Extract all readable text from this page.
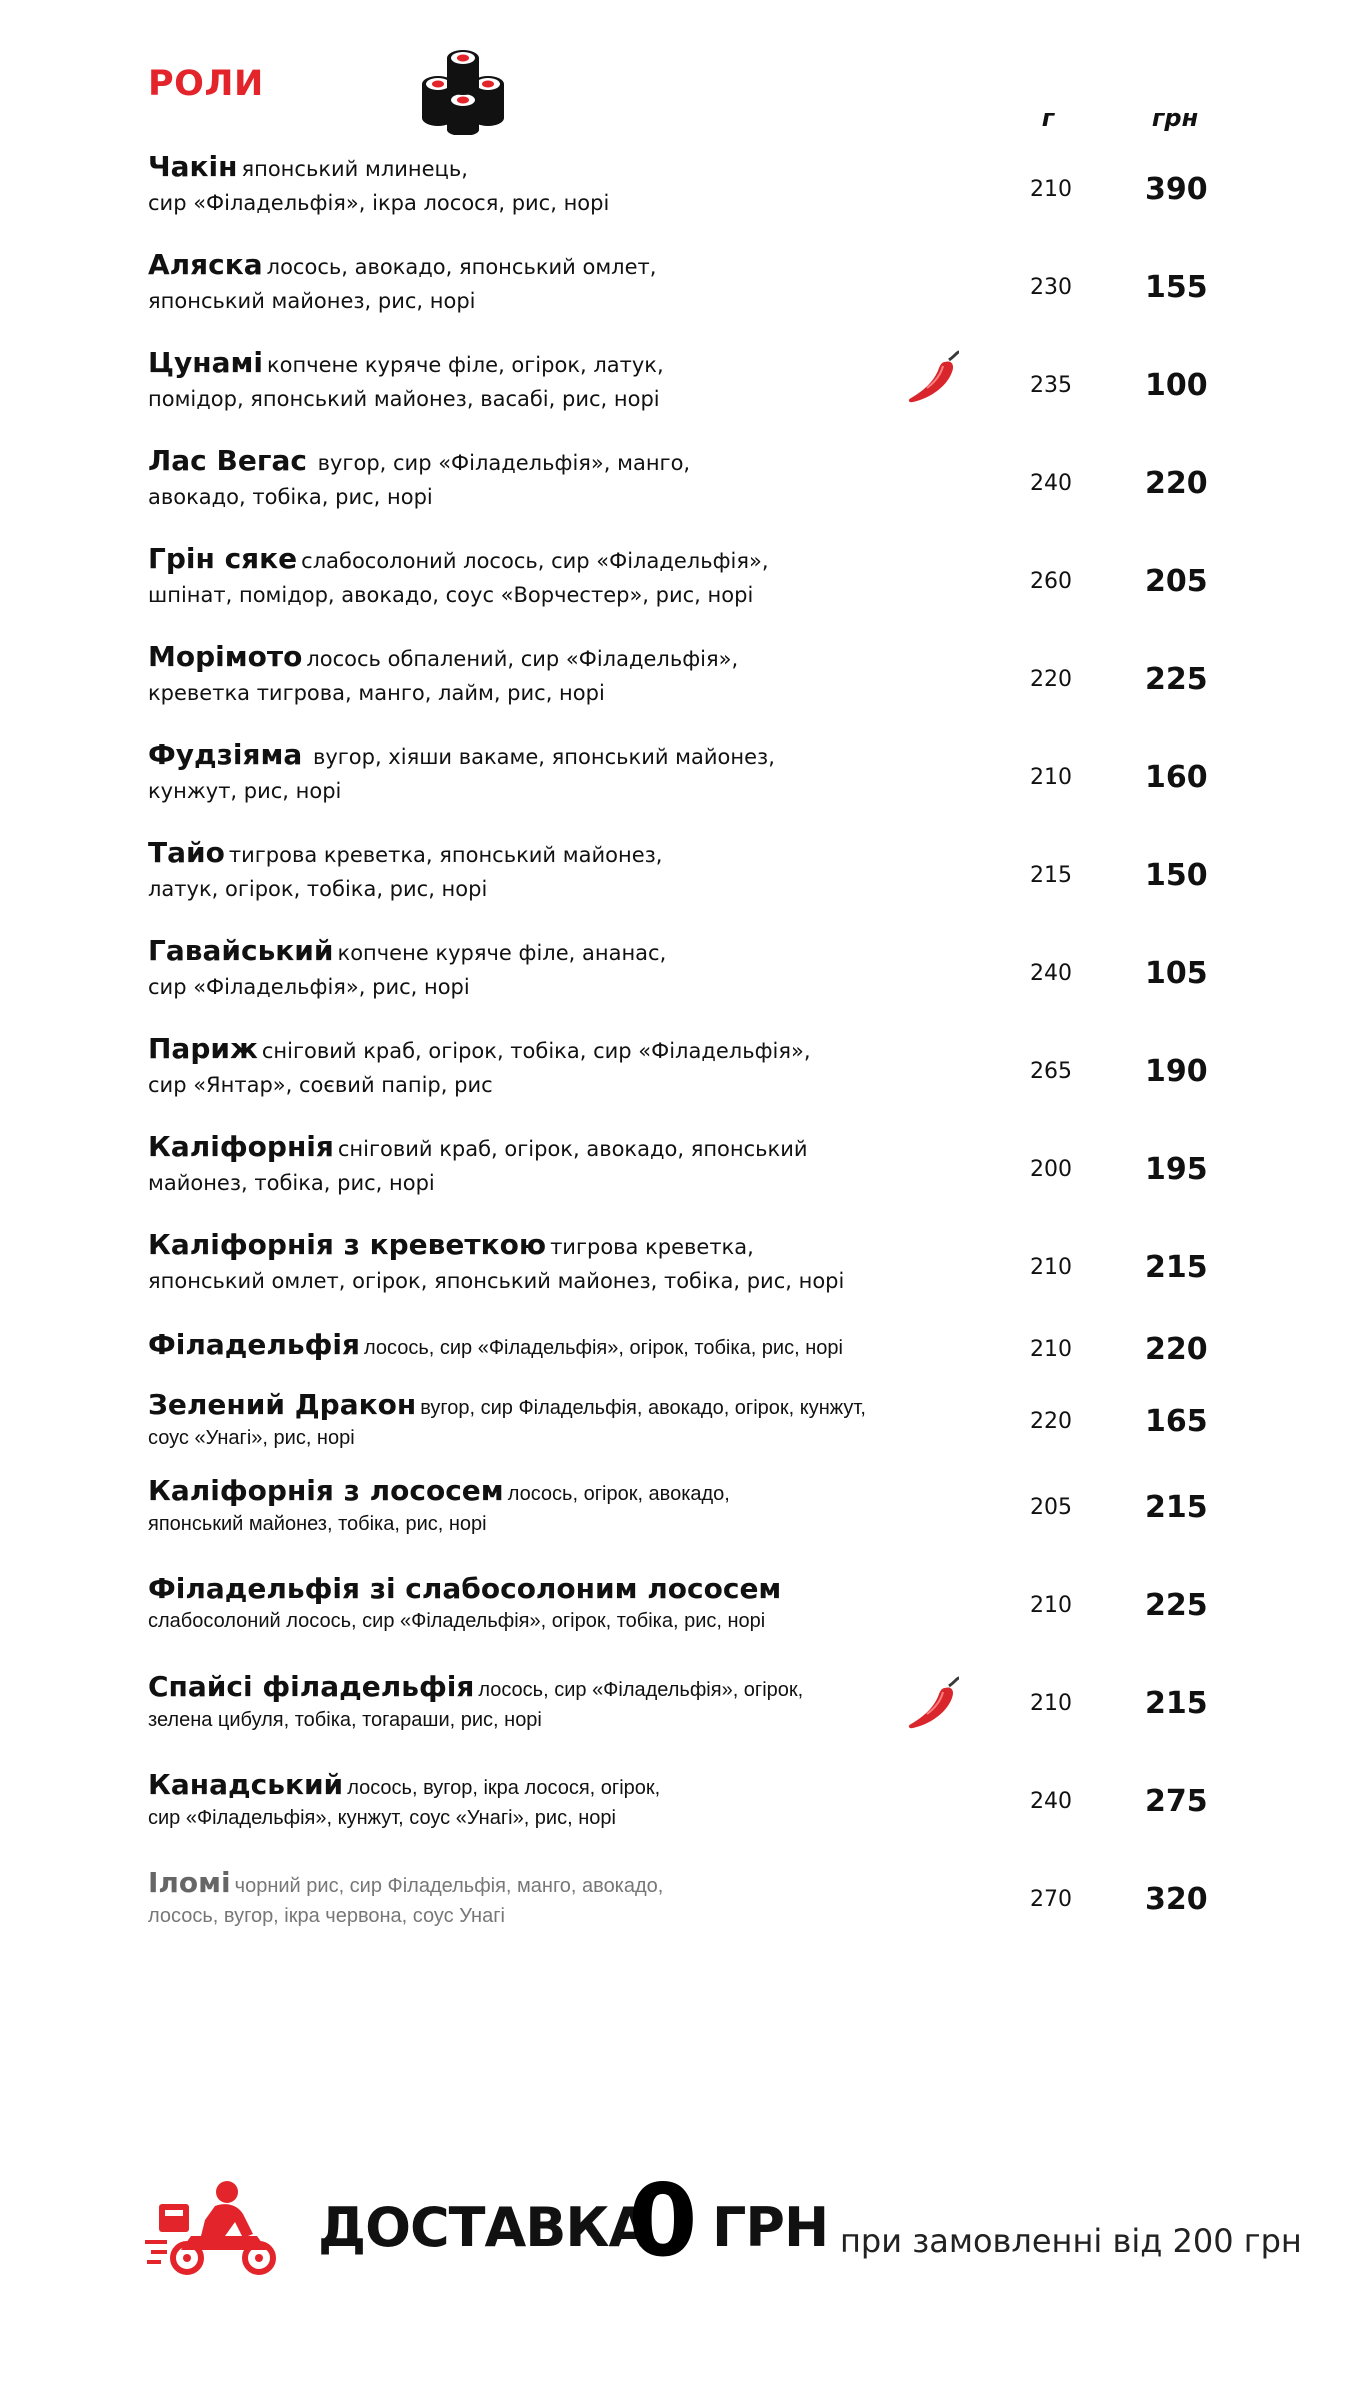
РОЛИ
г	грн
Чакін японський млинець,
сир «Філадельфія», ікра лосося, рис, норі
210 390
Аляска лосось, авокадо, японський омлет,
японський майонез, рис, норі
230 155
Цунамі копчене куряче філе, огірок, латук,
помідор, японський майонез, васабі, рис, норі
235 100
Лас Вегас вугор, сир «Філадельфія», манго,
авокадо, тобіка, рис, норі
240 220
Грін сяке слабосолоний лосось, сир «Філадельфія»,
шпінат, помідор, авокадо, соус «Ворчестер», рис, норі
260 205
Морімото лосось обпалений, сир «Філадельфія»,
креветка тигрова, манго, лайм, рис, норі
220 225
Фудзіяма вугор, хіяши вакаме, японський майонез,
кунжут, рис, норі
210 160
Тайо тигрова креветка, японський майонез,
латук, огірок, тобіка, рис, норі
215 150
Гавайський копчене куряче філе, ананас,
сир «Філадельфія», рис, норі
240 105
Париж сніговий краб, огірок, тобіка, сир «Філадельфія»,
сир «Янтар», соєвий папір, рис
265 190
Каліфорнія сніговий краб, огірок, авокадо, японський
майонез, тобіка, рис, норі
200 195
Каліфорнія з креветкою тигрова креветка,
японський омлет, огірок, японський майонез, тобіка, рис, норі
210 215
Філадельфія лосось, сир «Філадельфія», огірок, тобіка, рис, норі	210 220
Зелений Дракон вугор, сир Філадельфія, авокадо, огірок, кунжут,
соус «Унагі», рис, норі
220 165
Каліфорнія з лососем лосось, огірок, авокадо,
японський майонез, тобіка, рис, норі
205 215
Філадельфія зі слабосолоним лососем
слабосолоний лосось, сир «Філадельфія», огірок, тобіка, рис, норі
210 225
Спайсі філадельфія лосось, сир «Філадельфія», огірок,
зелена цибуля, тобіка, тогараши, рис, норі
210 215
Канадський лосось, вугор, ікра лосося, огірок,
сир «Філадельфія», кунжут, соус «Унагі», рис, норі
240 275
Іломі чорний рис, сир Філадельфія, манго, авокадо,
лосось, вугор, ікра червона, соус Унагі
270 320
ДОСТАВКА
0 ГРН при замовленні від 200 грн
